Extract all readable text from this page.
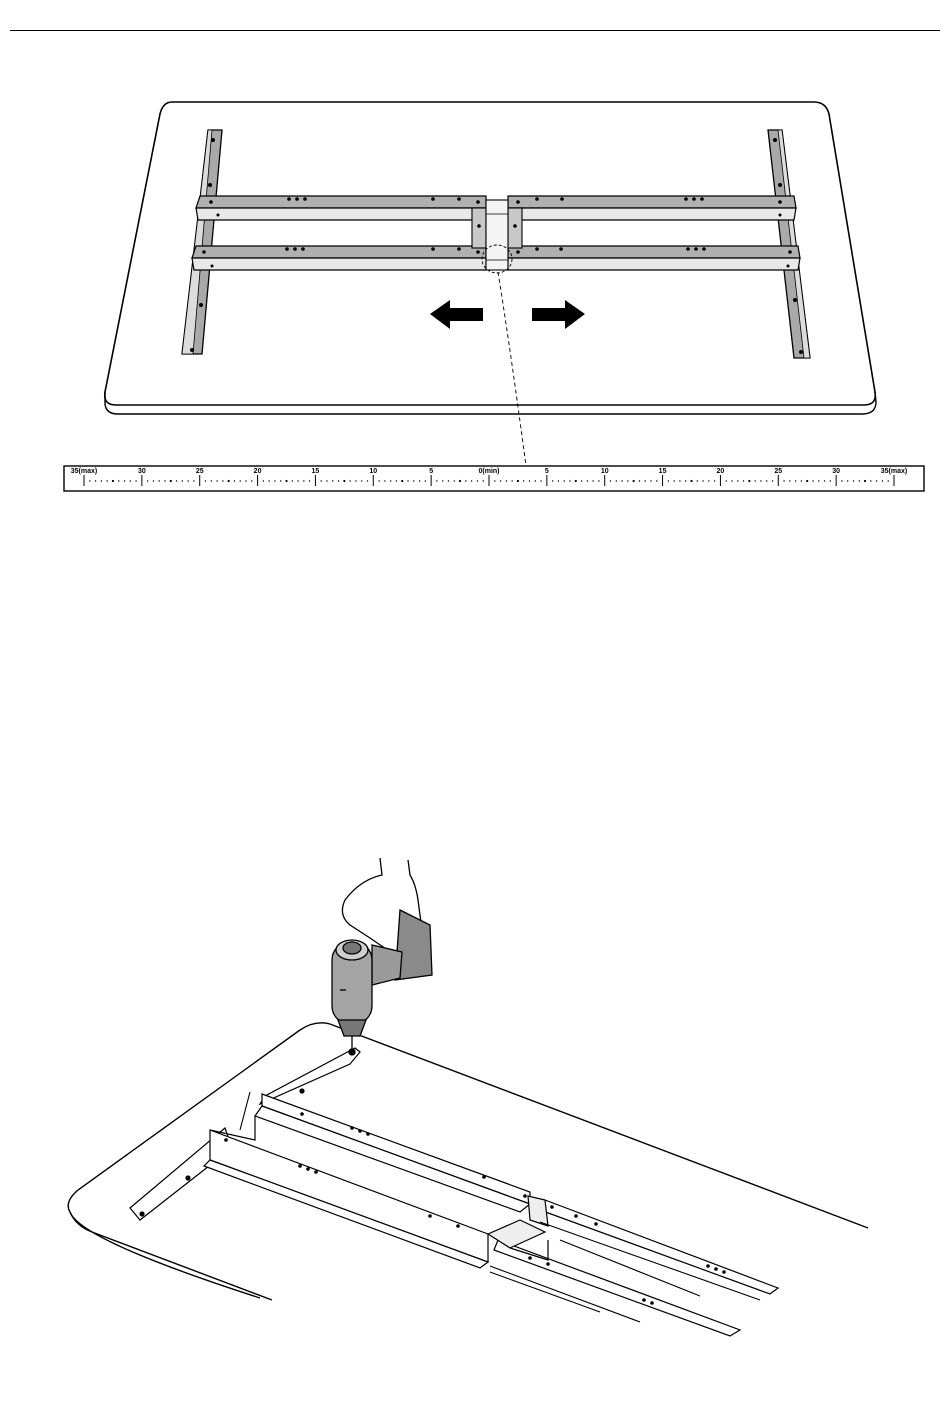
35(max)	30	25	20	15	10	5	0(min)	5	10	15	20	25	30	35(max)
